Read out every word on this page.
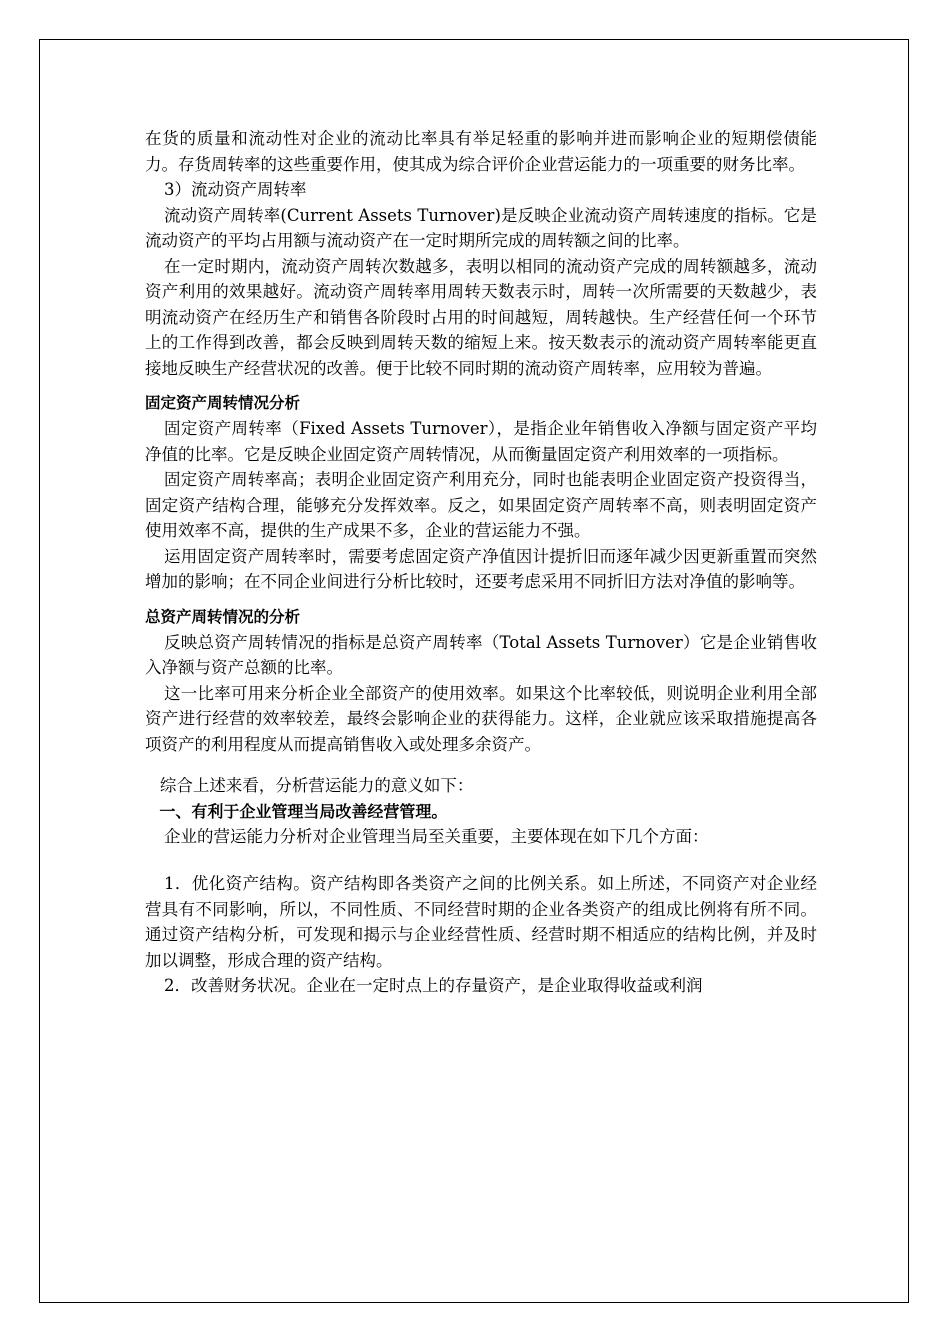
在货的质量和流动性对企业的流动比率具有举足轻重的影响并进而影响企业的短期偿债能力。存货周转率的这些重要作用，使其成为综合评价企业营运能力的一项重要的财务比率。

3）流动资产周转率

流动资产周转率(Current Assets Turnover)是反映企业流动资产周转速度的指标。它是流动资产的平均占用额与流动资产在一定时期所完成的周转额之间的比率。

在一定时期内，流动资产周转次数越多，表明以相同的流动资产完成的周转额越多，流动资产利用的效果越好。流动资产周转率用周转天数表示时，周转一次所需要的天数越少，表明流动资产在经历生产和销售各阶段时占用的时间越短，周转越快。生产经营任何一个环节上的工作得到改善，都会反映到周转天数的缩短上来。按天数表示的流动资产周转率能更直接地反映生产经营状况的改善。便于比较不同时期的流动资产周转率，应用较为普遍。

固定资产周转情况分析

固定资产周转率（Fixed Assets Turnover），是指企业年销售收入净额与固定资产平均净值的比率。它是反映企业固定资产周转情况，从而衡量固定资产利用效率的一项指标。

固定资产周转率高；表明企业固定资产利用充分，同时也能表明企业固定资产投资得当，固定资产结构合理，能够充分发挥效率。反之，如果固定资产周转率不高，则表明固定资产使用效率不高，提供的生产成果不多，企业的营运能力不强。

运用固定资产周转率时，需要考虑固定资产净值因计提折旧而逐年减少因更新重置而突然增加的影响；在不同企业间进行分析比较时，还要考虑采用不同折旧方法对净值的影响等。

总资产周转情况的分析

反映总资产周转情况的指标是总资产周转率（Total Assets Turnover）它是企业销售收入净额与资产总额的比率。

这一比率可用来分析企业全部资产的使用效率。如果这个比率较低，则说明企业利用全部资产进行经营的效率较差，最终会影响企业的获得能力。这样，企业就应该采取措施提高各项资产的利用程度从而提高销售收入或处理多余资产。

综合上述来看，分析营运能力的意义如下：

一、有利于企业管理当局改善经营管理。

企业的营运能力分析对企业管理当局至关重要，主要体现在如下几个方面：

1．优化资产结构。资产结构即各类资产之间的比例关系。如上所述，不同资产对企业经营具有不同影响，所以，不同性质、不同经营时期的企业各类资产的组成比例将有所不同。通过资产结构分析，可发现和揭示与企业经营性质、经营时期不相适应的结构比例，并及时加以调整，形成合理的资产结构。

2．改善财务状况。企业在一定时点上的存量资产，是企业取得收益或利润
